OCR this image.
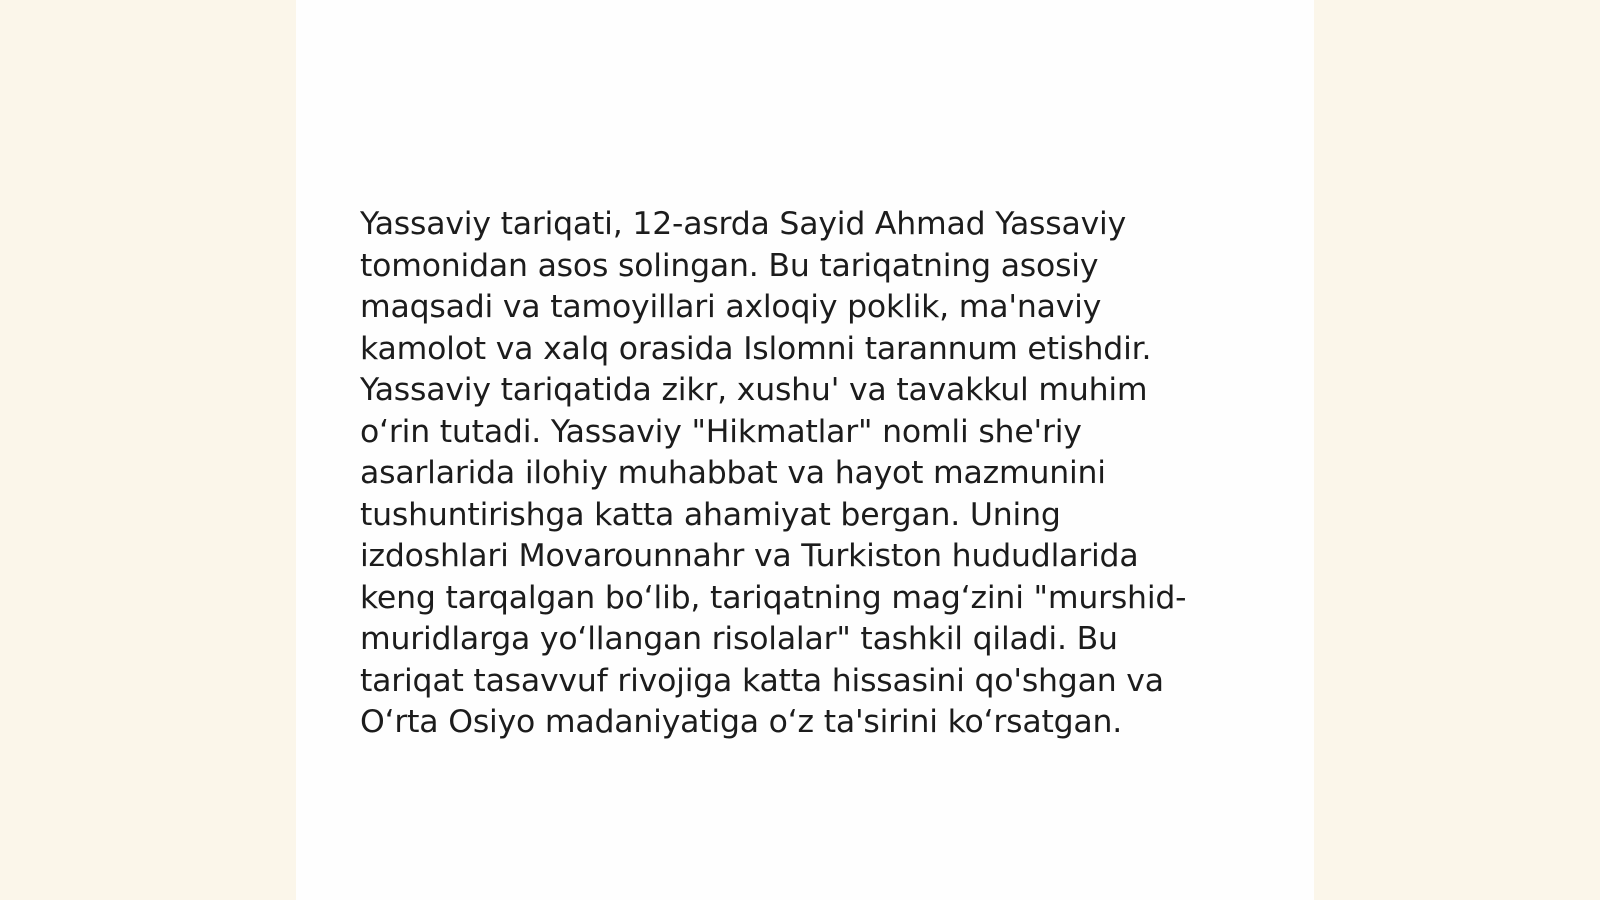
Yassaviy tariqati, 12-asrda Sayid Ahmad Yassaviy
tomonidan asos solingan. Bu tariqatning asosiy
maqsadi va tamoyillari axloqiy poklik, ma'naviy
kamolot va xalq orasida Islomni tarannum etishdir.
Yassaviy tariqatida zikr, xushu' va tavakkul muhim
o‘rin tutadi. Yassaviy "Hikmatlar" nomli she'riy
asarlarida ilohiy muhabbat va hayot mazmunini
tushuntirishga katta ahamiyat bergan. Uning
izdoshlari Movarounnahr va Turkiston hududlarida
keng tarqalgan bo‘lib, tariqatning mag‘zini "murshid-
muridlarga yo‘llangan risolalar" tashkil qiladi. Bu
tariqat tasavvuf rivojiga katta hissasini qo'shgan va
O‘rta Osiyo madaniyatiga o‘z ta'sirini ko‘rsatgan.
